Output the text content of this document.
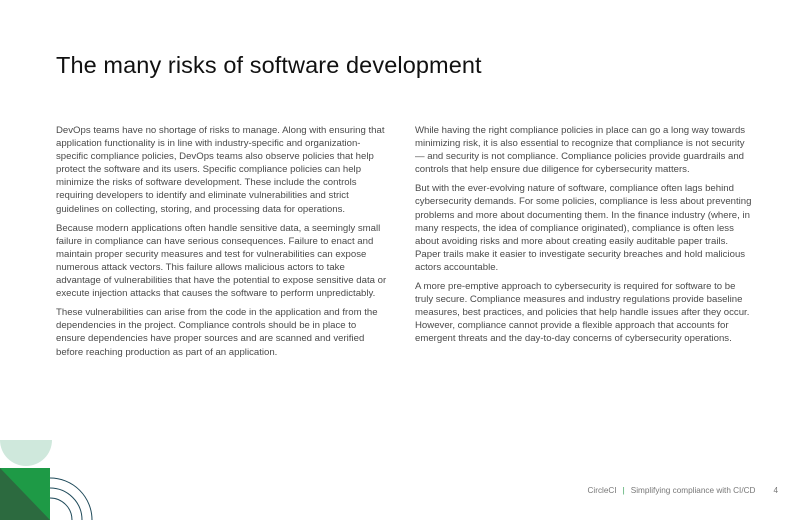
The many risks of software development

DevOps teams have no shortage of risks to manage. Along with ensuring that application functionality is in line with industry-specific and organization-specific compliance policies, DevOps teams also observe policies that help protect the software and its users. Specific compliance policies can help minimize the risks of software development. These include the controls requiring developers to identify and eliminate vulnerabilities and strict guidelines on collecting, storing, and processing data for operations.

Because modern applications often handle sensitive data, a seemingly small failure in compliance can have serious consequences. Failure to enact and maintain proper security measures and test for vulnerabilities can expose numerous attack vectors. This failure allows malicious actors to take advantage of vulnerabilities that have the potential to expose sensitive data or execute injection attacks that causes the software to perform unpredictably.

These vulnerabilities can arise from the code in the application and from the dependencies in the project. Compliance controls should be in place to ensure dependencies have proper sources and are scanned and verified before reaching production as part of an application.

While having the right compliance policies in place can go a long way towards minimizing risk, it is also essential to recognize that compliance is not security — and security is not compliance. Compliance policies provide guardrails and controls that help ensure due diligence for cybersecurity matters.

But with the ever-evolving nature of software, compliance often lags behind cybersecurity demands. For some policies, compliance is less about preventing problems and more about documenting them. In the finance industry (where, in many respects, the idea of compliance originated), compliance is often less about avoiding risks and more about creating easily auditable paper trails. Paper trails make it easier to investigate security breaches and hold malicious actors accountable.

A more pre-emptive approach to cybersecurity is required for software to be truly secure. Compliance measures and industry regulations provide baseline measures, best practices, and policies that help handle issues after they occur. However, compliance cannot provide a flexible approach that accounts for emergent threats and the day-to-day concerns of cybersecurity operations.

CircleCI | Simplifying compliance with CI/CD 4
